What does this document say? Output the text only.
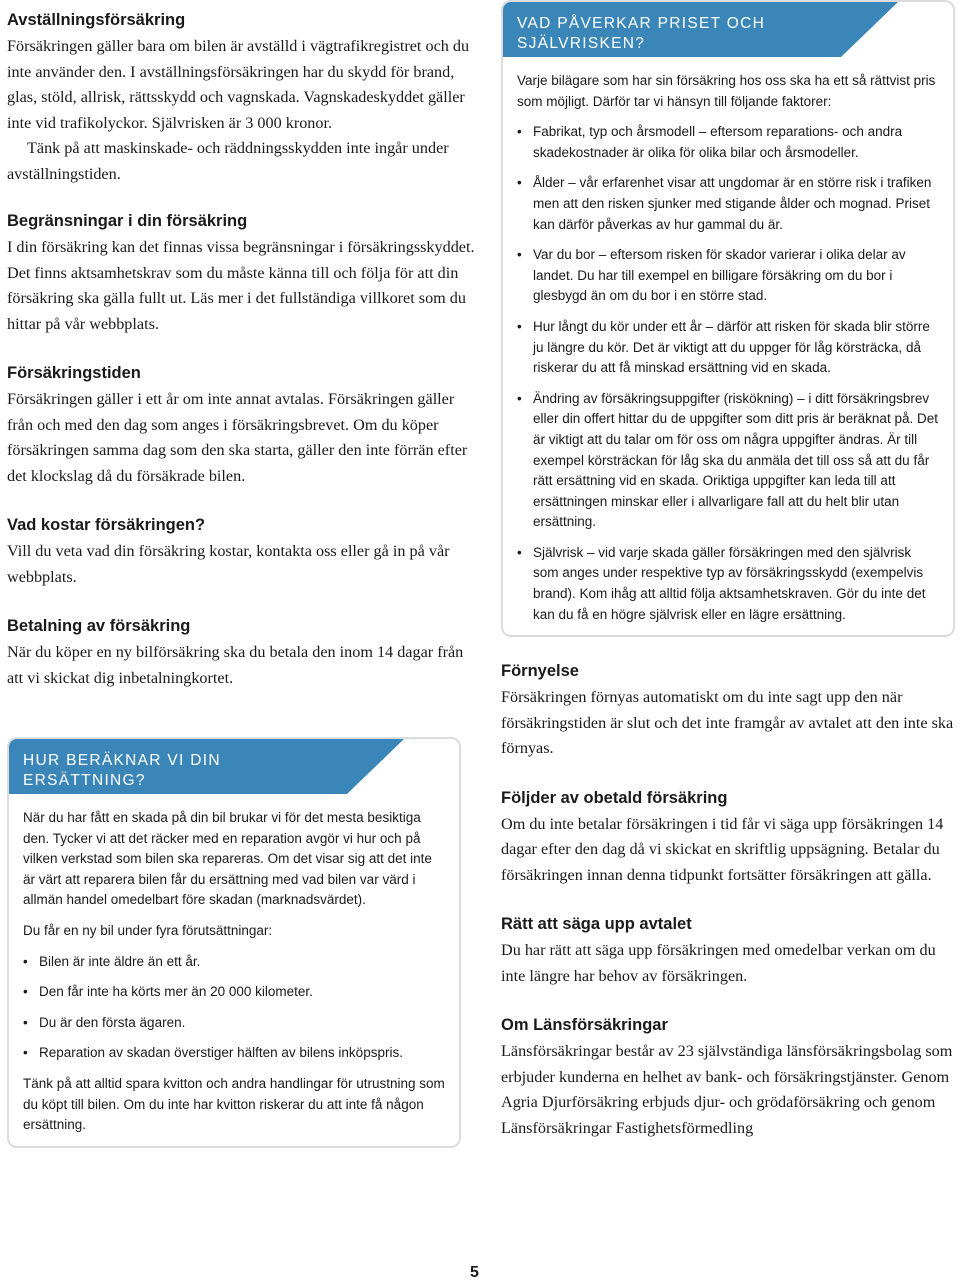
Avställningsförsäkring

Försäkringen gäller bara om bilen är avställd i vägtrafikregistret och du inte använder den. I avställningsförsäkringen har du skydd för brand, glas, stöld, allrisk, rättsskydd och vagnskada. Vagnskadeskyddet gäller inte vid trafikolyckor. Självrisken är 3 000 kronor.

Tänk på att maskinskade- och räddningsskydden inte ingår under avställningstiden.

Begränsningar i din försäkring

I din försäkring kan det finnas vissa begränsningar i försäkringsskyddet. Det finns aktsamhetskrav som du måste känna till och följa för att din försäkring ska gälla fullt ut. Läs mer i det fullständiga villkoret som du hittar på vår webbplats.

Försäkringstiden

Försäkringen gäller i ett år om inte annat avtalas. Försäkringen gäller från och med den dag som anges i försäkringsbrevet. Om du köper försäkringen samma dag som den ska starta, gäller den inte förrän efter det klockslag då du försäkrade bilen.

Vad kostar försäkringen?

Vill du veta vad din försäkring kostar, kontakta oss eller gå in på vår webbplats.

Betalning av försäkring

När du köper en ny bilförsäkring ska du betala den inom 14 dagar från att vi skickat dig inbetalningkortet.

HUR BERÄKNAR VI DIN
ERSÄTTNING?

När du har fått en skada på din bil brukar vi för det mesta besiktiga den. Tycker vi att det räcker med en reparation avgör vi hur och på vilken verkstad som bilen ska repareras. Om det visar sig att det inte är värt att reparera bilen får du ersättning med vad bilen var värd i allmän handel omedelbart före skadan (marknadsvärdet).

Du får en ny bil under fyra förutsättningar:

• Bilen är inte äldre än ett år.
• Den får inte ha körts mer än 20 000 kilometer.
• Du är den första ägaren.
• Reparation av skadan överstiger hälften av bilens inköpspris.

Tänk på att alltid spara kvitton och andra handlingar för utrustning som du köpt till bilen. Om du inte har kvitton riskerar du att inte få någon ersättning.

VAD PÅVERKAR PRISET OCH
SJÄLVRISKEN?

Varje bilägare som har sin försäkring hos oss ska ha ett så rättvist pris som möjligt. Därför tar vi hänsyn till följande faktorer:

• Fabrikat, typ och årsmodell – eftersom reparations- och andra skadekostnader är olika för olika bilar och årsmodeller.
• Ålder – vår erfarenhet visar att ungdomar är en större risk i trafiken men att den risken sjunker med stigande ålder och mognad. Priset kan därför påverkas av hur gammal du är.
• Var du bor – eftersom risken för skador varierar i olika delar av landet. Du har till exempel en billigare försäkring om du bor i glesbygd än om du bor i en större stad.
• Hur långt du kör under ett år – därför att risken för skada blir större ju längre du kör. Det är viktigt att du uppger för låg körsträcka, då riskerar du att få minskad ersättning vid en skada.
• Ändring av försäkringsuppgifter (riskökning) – i ditt försäkringsbrev eller din offert hittar du de uppgifter som ditt pris är beräknat på. Det är viktigt att du talar om för oss om några uppgifter ändras. Är till exempel körsträckan för låg ska du anmäla det till oss så att du får rätt ersättning vid en skada. Oriktiga uppgifter kan leda till att ersättningen minskar eller i allvarligare fall att du helt blir utan ersättning.
• Självrisk – vid varje skada gäller försäkringen med den självrisk som anges under respektive typ av försäkringsskydd (exempelvis brand). Kom ihåg att alltid följa aktsamhetskraven. Gör du inte det kan du få en högre självrisk eller en lägre ersättning.
Förnyelse

Försäkringen förnyas automatiskt om du inte sagt upp den när försäkringstiden är slut och det inte framgår av avtalet att den inte ska förnyas.

Följder av obetald försäkring

Om du inte betalar försäkringen i tid får vi säga upp försäkringen 14 dagar efter den dag då vi skickat en skriftlig uppsägning. Betalar du försäkringen innan denna tidpunkt fortsätter försäkringen att gälla.

Rätt att säga upp avtalet

Du har rätt att säga upp försäkringen med omedelbar verkan om du inte längre har behov av försäkringen.

Om Länsförsäkringar

Länsförsäkringar består av 23 självständiga länsförsäkringsbolag som erbjuder kunderna en helhet av bank- och försäkringstjänster. Genom Agria Djurförsäkring erbjuds djur- och grödaförsäkring och genom Länsförsäkringar Fastighetsförmedling

5
